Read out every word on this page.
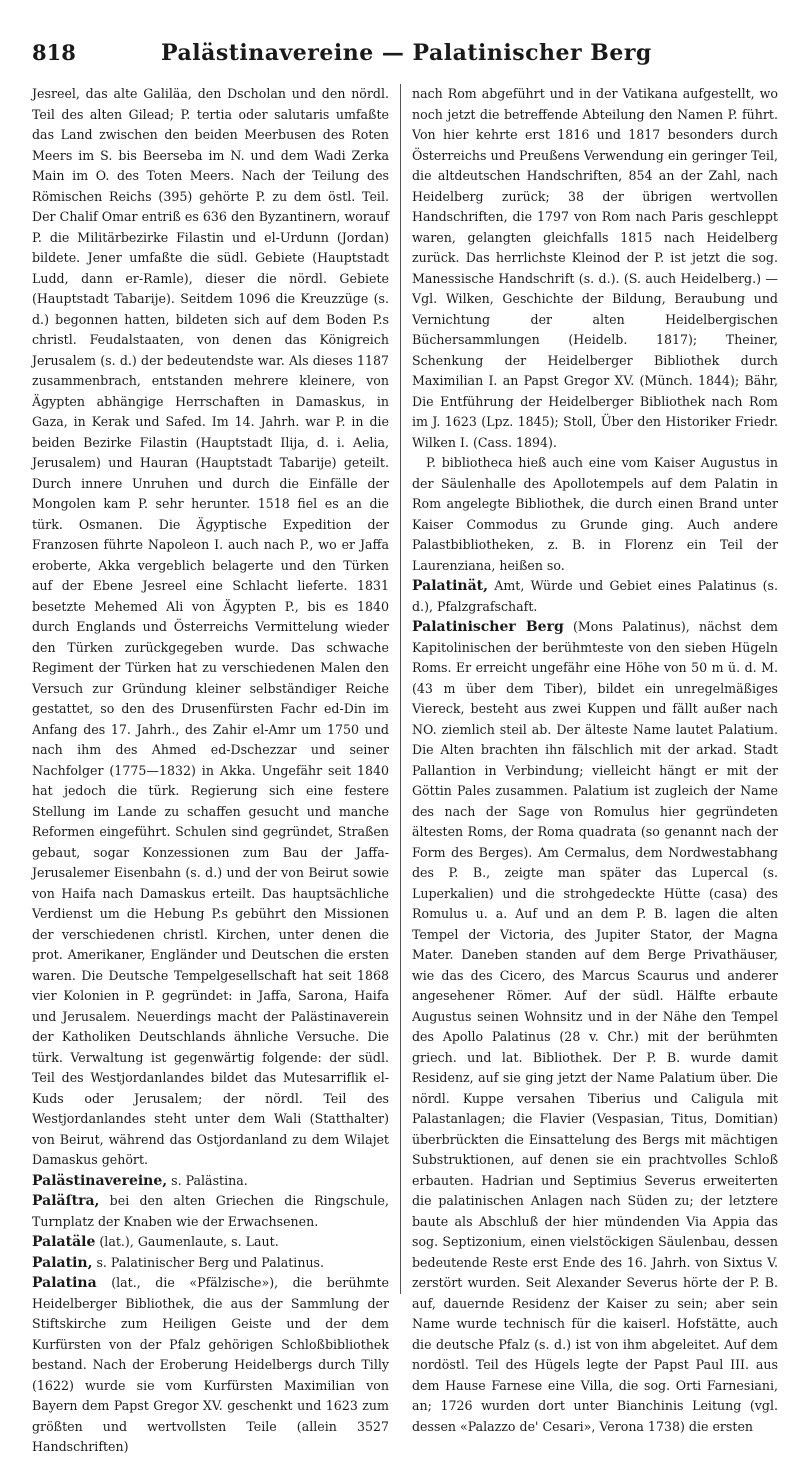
818	Palästinavereine — Palatinischer Berg

Jesreel, das alte Galiläa, den Dscholan und den nördl. Teil des alten Gilead; P. tertia oder salutaris umfaßte das Land zwischen den beiden Meerbusen des Roten Meers im S. bis Beerseba im N. und dem Wadi Zerka Main im O. des Toten Meers. Nach der Teilung des Römischen Reichs (395) gehörte P. zu dem östl. Teil. Der Chalif Omar entriß es 636 den Byzantinern, worauf P. die Militärbezirke Filastin und el-Urdunn (Jordan) bildete. Jener umfaßte die südl. Gebiete (Hauptstadt Ludd, dann er-Ramle), dieser die nördl. Gebiete (Hauptstadt Tabarije). Seitdem 1096 die Kreuzzüge (s. d.) begonnen hatten, bildeten sich auf dem Boden P.s christl. Feudalstaaten, von denen das Königreich Jerusalem (s. d.) der bedeutendste war. Als dieses 1187 zusammenbrach, entstanden mehrere kleinere, von Ägypten abhängige Herrschaften in Damaskus, in Gaza, in Kerak und Safed. Im 14. Jahrh. war P. in die beiden Bezirke Filastin (Hauptstadt Ilija, d. i. Aelia, Jerusalem) und Hauran (Hauptstadt Tabarije) geteilt. Durch innere Unruhen und durch die Einfälle der Mongolen kam P. sehr herunter. 1518 fiel es an die türk. Osmanen. Die Ägyptische Expedition der Franzosen führte Napoleon I. auch nach P., wo er Jaffa eroberte, Akka vergeblich belagerte und den Türken auf der Ebene Jesreel eine Schlacht lieferte. 1831 besetzte Mehemed Ali von Ägypten P., bis es 1840 durch Englands und Österreichs Vermittelung wieder den Türken zurückgegeben wurde. Das schwache Regiment der Türken hat zu verschiedenen Malen den Versuch zur Gründung kleiner selbständiger Reiche gestattet, so den des Drusenfürsten Fachr ed-Din im Anfang des 17. Jahrh., des Zahir el-Amr um 1750 und nach ihm des Ahmed ed-Dschezzar und seiner Nachfolger (1775—1832) in Akka. Ungefähr seit 1840 hat jedoch die türk. Regierung sich eine festere Stellung im Lande zu schaffen gesucht und manche Reformen eingeführt. Schulen sind gegründet, Straßen gebaut, sogar Konzessionen zum Bau der Jaffa-Jerusalemer Eisenbahn (s. d.) und der von Beirut sowie von Haifa nach Damaskus erteilt. Das hauptsächliche Verdienst um die Hebung P.s gebührt den Missionen der verschiedenen christl. Kirchen, unter denen die prot. Amerikaner, Engländer und Deutschen die ersten waren. Die Deutsche Tempelgesellschaft hat seit 1868 vier Kolonien in P. gegründet: in Jaffa, Sarona, Haifa und Jerusalem. Neuerdings macht der Palästinaverein der Katholiken Deutschlands ähnliche Versuche. Die türk. Verwaltung ist gegenwärtig folgende: der südl. Teil des Westjordanlandes bildet das Mutesarriflik el-Kuds oder Jerusalem; der nördl. Teil des Westjordanlandes steht unter dem Wali (Statthalter) von Beirut, während das Ostjordanland zu dem Wilajet Damaskus gehört.

Palästinavereine, s. Palästina.

Paläſtra, bei den alten Griechen die Ringschule, Turnplatz der Knaben wie der Erwachsenen.

Palatäle (lat.), Gaumenlaute, s. Laut.

Palatin, s. Palatinischer Berg und Palatinus.

Palatina (lat., die «Pfälzische»), die berühmte Heidelberger Bibliothek, die aus der Sammlung der Stiftskirche zum Heiligen Geiste und der dem Kurfürsten von der Pfalz gehörigen Schloßbibliothek bestand. Nach der Eroberung Heidelbergs durch Tilly (1622) wurde sie vom Kurfürsten Maximilian von Bayern dem Papst Gregor XV. geschenkt und 1623 zum größten und wertvollsten Teile (allein 3527 Handschriften)

nach Rom abgeführt und in der Vatikana aufgestellt, wo noch jetzt die betreffende Abteilung den Namen P. führt. Von hier kehrte erst 1816 und 1817 besonders durch Österreichs und Preußens Verwendung ein geringer Teil, die altdeutschen Handschriften, 854 an der Zahl, nach Heidelberg zurück; 38 der übrigen wertvollen Handschriften, die 1797 von Rom nach Paris geschleppt waren, gelangten gleichfalls 1815 nach Heidelberg zurück. Das herrlichste Kleinod der P. ist jetzt die sog. Manessische Handschrift (s. d.). (S. auch Heidelberg.) — Vgl. Wilken, Geschichte der Bildung, Beraubung und Vernichtung der alten Heidelbergischen Büchersammlungen (Heidelb. 1817); Theiner, Schenkung der Heidelberger Bibliothek durch Maximilian I. an Papst Gregor XV. (Münch. 1844); Bähr, Die Entführung der Heidelberger Bibliothek nach Rom im J. 1623 (Lpz. 1845); Stoll, Über den Historiker Friedr. Wilken I. (Cass. 1894).

P. bibliotheca hieß auch eine vom Kaiser Augustus in der Säulenhalle des Apollotempels auf dem Palatin in Rom angelegte Bibliothek, die durch einen Brand unter Kaiser Commodus zu Grunde ging. Auch andere Palastbibliotheken, z. B. in Florenz ein Teil der Laurenziana, heißen so.

Palatinät, Amt, Würde und Gebiet eines Palatinus (s. d.), Pfalzgrafschaft.

Palatinischer Berg (Mons Palatinus), nächst dem Kapitolinischen der berühmteste von den sieben Hügeln Roms. Er erreicht ungefähr eine Höhe von 50 m ü. d. M. (43 m über dem Tiber), bildet ein unregelmäßiges Viereck, besteht aus zwei Kuppen und fällt außer nach NO. ziemlich steil ab. Der älteste Name lautet Palatium. Die Alten brachten ihn fälschlich mit der arkad. Stadt Pallantion in Verbindung; vielleicht hängt er mit der Göttin Pales zusammen. Palatium ist zugleich der Name des nach der Sage von Romulus hier gegründeten ältesten Roms, der Roma quadrata (so genannt nach der Form des Berges). Am Cermalus, dem Nordwestabhang des P. B., zeigte man später das Lupercal (s. Luperkalien) und die strohgedeckte Hütte (casa) des Romulus u. a. Auf und an dem P. B. lagen die alten Tempel der Victoria, des Jupiter Stator, der Magna Mater. Daneben standen auf dem Berge Privathäuser, wie das des Cicero, des Marcus Scaurus und anderer angesehener Römer. Auf der südl. Hälfte erbaute Augustus seinen Wohnsitz und in der Nähe den Tempel des Apollo Palatinus (28 v. Chr.) mit der berühmten griech. und lat. Bibliothek. Der P. B. wurde damit Residenz, auf sie ging jetzt der Name Palatium über. Die nördl. Kuppe versahen Tiberius und Caligula mit Palastanlagen; die Flavier (Vespasian, Titus, Domitian) überbrückten die Einsattelung des Bergs mit mächtigen Substruktionen, auf denen sie ein prachtvolles Schloß erbauten. Hadrian und Septimius Severus erweiterten die palatinischen Anlagen nach Süden zu; der letztere baute als Abschluß der hier mündenden Via Appia das sog. Septizonium, einen vielstöckigen Säulenbau, dessen bedeutende Reste erst Ende des 16. Jahrh. von Sixtus V. zerstört wurden. Seit Alexander Severus hörte der P. B. auf, dauernde Residenz der Kaiser zu sein; aber sein Name wurde technisch für die kaiserl. Hofstätte, auch die deutsche Pfalz (s. d.) ist von ihm abgeleitet. Auf dem nordöstl. Teil des Hügels legte der Papst Paul III. aus dem Hause Farnese eine Villa, die sog. Orti Farnesiani, an; 1726 wurden dort unter Bianchinis Leitung (vgl. dessen «Palazzo de' Cesari», Verona 1738) die ersten
